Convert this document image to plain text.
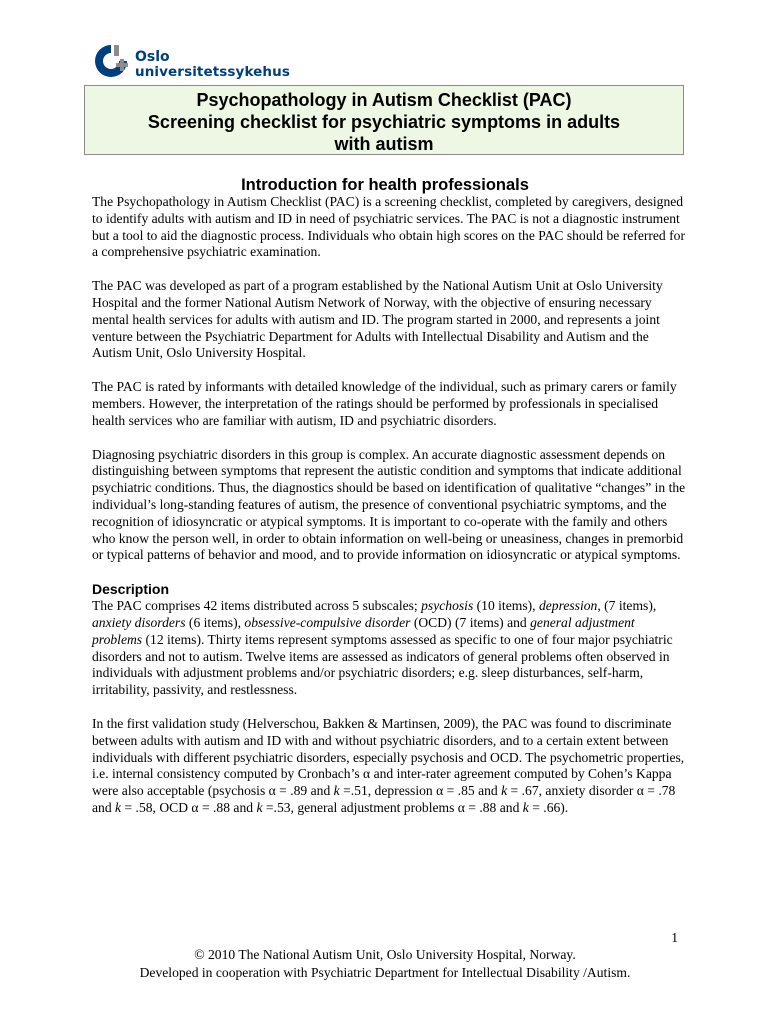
Oslo
universitetssykehus
Psychopathology in Autism Checklist (PAC)
Screening checklist for psychiatric symptoms in adults
with autism
Introduction for health professionals

The Psychopathology in Autism Checklist (PAC) is a screening checklist, completed by caregivers, designed to identify adults with autism and ID in need of psychiatric services. The PAC is not a diagnostic instrument but a tool to aid the diagnostic process. Individuals who obtain high scores on the PAC should be referred for a comprehensive psychiatric examination.

The PAC was developed as part of a program established by the National Autism Unit at Oslo University Hospital and the former National Autism Network of Norway, with the objective of ensuring necessary mental health services for adults with autism and ID. The program started in 2000, and represents a joint venture between the Psychiatric Department for Adults with Intellectual Disability and Autism and the Autism Unit, Oslo University Hospital.

The PAC is rated by informants with detailed knowledge of the individual, such as primary carers or family members. However, the interpretation of the ratings should be performed by professionals in specialised health services who are familiar with autism, ID and psychiatric disorders.

Diagnosing psychiatric disorders in this group is complex. An accurate diagnostic assessment depends on distinguishing between symptoms that represent the autistic condition and symptoms that indicate additional psychiatric conditions. Thus, the diagnostics should be based on identification of qualitative “changes” in the individual’s long-standing features of autism, the presence of conventional psychiatric symptoms, and the recognition of idiosyncratic or atypical symptoms. It is important to co-operate with the family and others who know the person well, in order to obtain information on well-being or uneasiness, changes in premorbid or typical patterns of behavior and mood, and to provide information on idiosyncratic or atypical symptoms.

Description

The PAC comprises 42 items distributed across 5 subscales; psychosis (10 items), depression, (7 items), anxiety disorders (6 items), obsessive-compulsive disorder (OCD) (7 items) and general adjustment problems (12 items). Thirty items represent symptoms assessed as specific to one of four major psychiatric disorders and not to autism. Twelve items are assessed as indicators of general problems often observed in individuals with adjustment problems and/or psychiatric disorders; e.g. sleep disturbances, self-harm, irritability, passivity, and restlessness.

In the first validation study (Helverschou, Bakken & Martinsen, 2009), the PAC was found to discriminate between adults with autism and ID with and without psychiatric disorders, and to a certain extent between individuals with different psychiatric disorders, especially psychosis and OCD. The psychometric properties, i.e. internal consistency computed by Cronbach’s α and inter-rater agreement computed by Cohen’s Kappa were also acceptable (psychosis α = .89 and k =.51, depression α = .85 and k = .67, anxiety disorder α = .78 and k = .58, OCD α = .88 and k =.53, general adjustment problems α = .88 and k = .66).

1
© 2010 The National Autism Unit, Oslo University Hospital, Norway.
Developed in cooperation with Psychiatric Department for Intellectual Disability /Autism.
